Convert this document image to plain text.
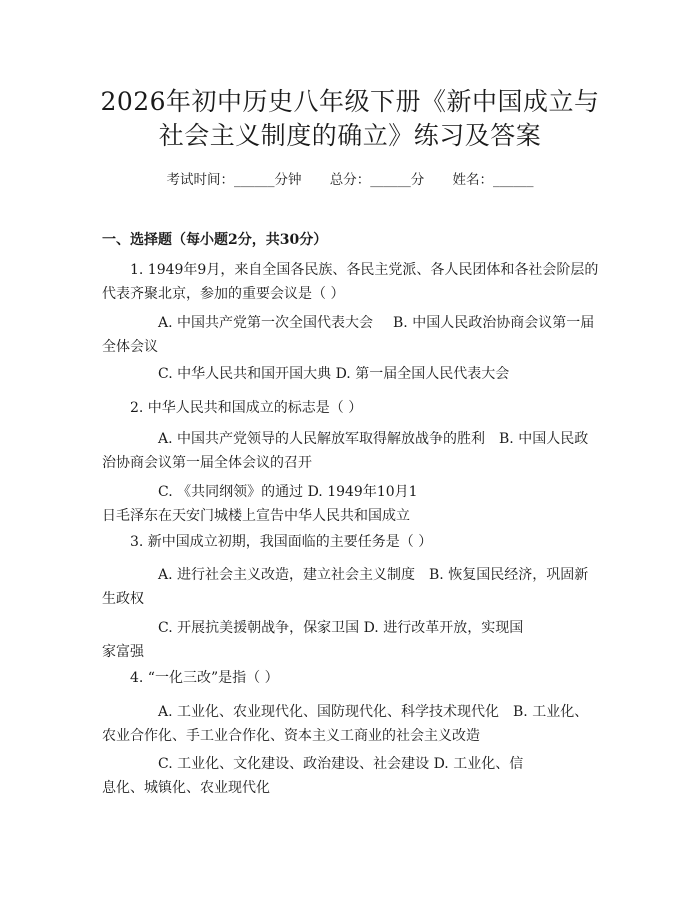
2026年初中历史八年级下册《新中国成立与
社会主义制度的确立》练习及答案
考试时间：______分钟 总分：______分 姓名：______
一、选择题（每小题2分，共30分）
1. 1949年9月，来自全国各民族、各民主党派、各人民团体和各社会阶层的
代表齐聚北京，参加的重要会议是（ ）
A. 中国共产党第一次全国代表大会 B. 中国人民政治协商会议第一届
全体会议
C. 中华人民共和国开国大典 D. 第一届全国人民代表大会
2. 中华人民共和国成立的标志是（ ）
A. 中国共产党领导的人民解放军取得解放战争的胜利　B. 中国人民政
治协商会议第一届全体会议的召开
C. 《共同纲领》的通过 D. 1949年10月1
日毛泽东在天安门城楼上宣告中华人民共和国成立
3. 新中国成立初期，我国面临的主要任务是（ ）
A. 进行社会主义改造，建立社会主义制度　B. 恢复国民经济，巩固新
生政权
C. 开展抗美援朝战争，保家卫国 D. 进行改革开放，实现国
家富强
4. “一化三改”是指（ ）
A. 工业化、农业现代化、国防现代化、科学技术现代化　B. 工业化、
农业合作化、手工业合作化、资本主义工商业的社会主义改造
C. 工业化、文化建设、政治建设、社会建设 D. 工业化、信
息化、城镇化、农业现代化
